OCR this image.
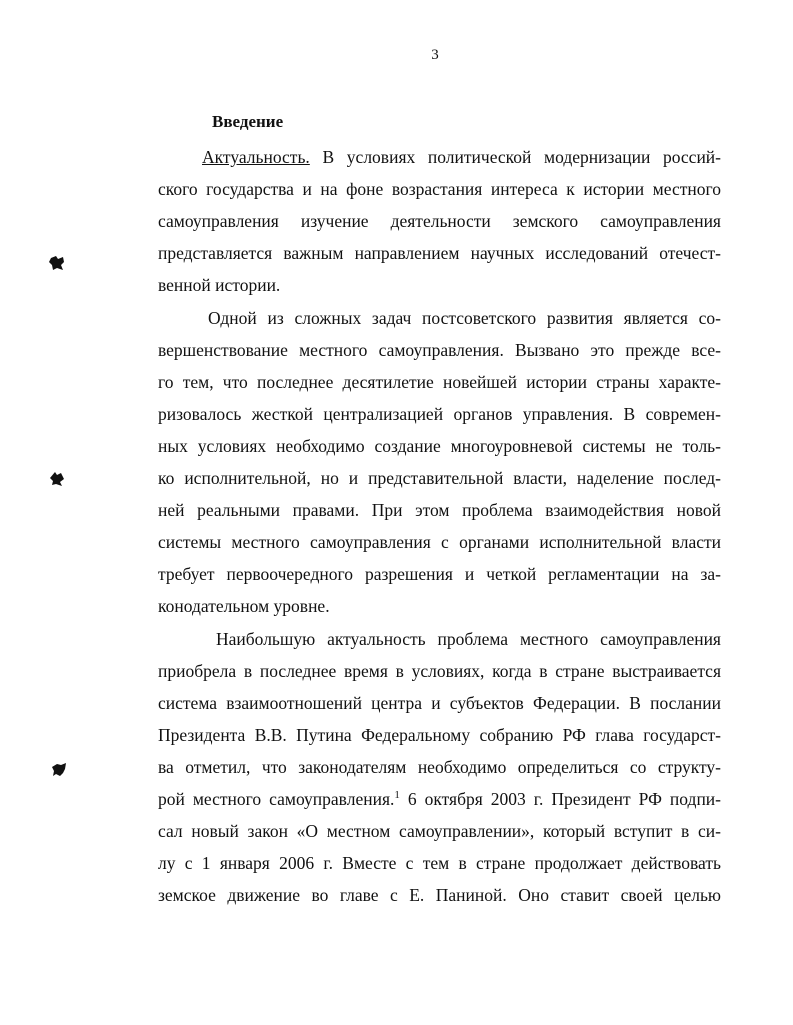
3
Введение
Актуальность. В условиях политической модернизации россий-
ского государства и на фоне возрастания интереса к истории местного
самоуправления изучение деятельности земского самоуправления
представляется важным направлением научных исследований отечест-
венной истории.
Одной из сложных задач постсоветского развития является со-
вершенствование местного самоуправления. Вызвано это прежде все-
го тем, что последнее десятилетие новейшей истории страны характе-
ризовалось жесткой централизацией органов управления. В современ-
ных условиях необходимо создание многоуровневой системы не толь-
ко исполнительной, но и представительной власти, наделение послед-
ней реальными правами. При этом проблема взаимодействия новой
системы местного самоуправления с органами исполнительной власти
требует первоочередного разрешения и четкой регламентации на за-
конодательном уровне.
Наибольшую актуальность проблема местного самоуправления
приобрела в последнее время в условиях, когда в стране выстраивается
система взаимоотношений центра и субъектов Федерации. В послании
Президента В.В. Путина Федеральному собранию РФ глава государст-
ва отметил, что законодателям необходимо определиться со структу-
рой местного самоуправления.$^1$ 6 октября 2003 г. Президент РФ подпи-
сал новый закон «О местном самоуправлении», который вступит в си-
лу с 1 января 2006 г. Вместе с тем в стране продолжает действовать
земское движение во главе с Е. Паниной. Оно ставит своей целью
